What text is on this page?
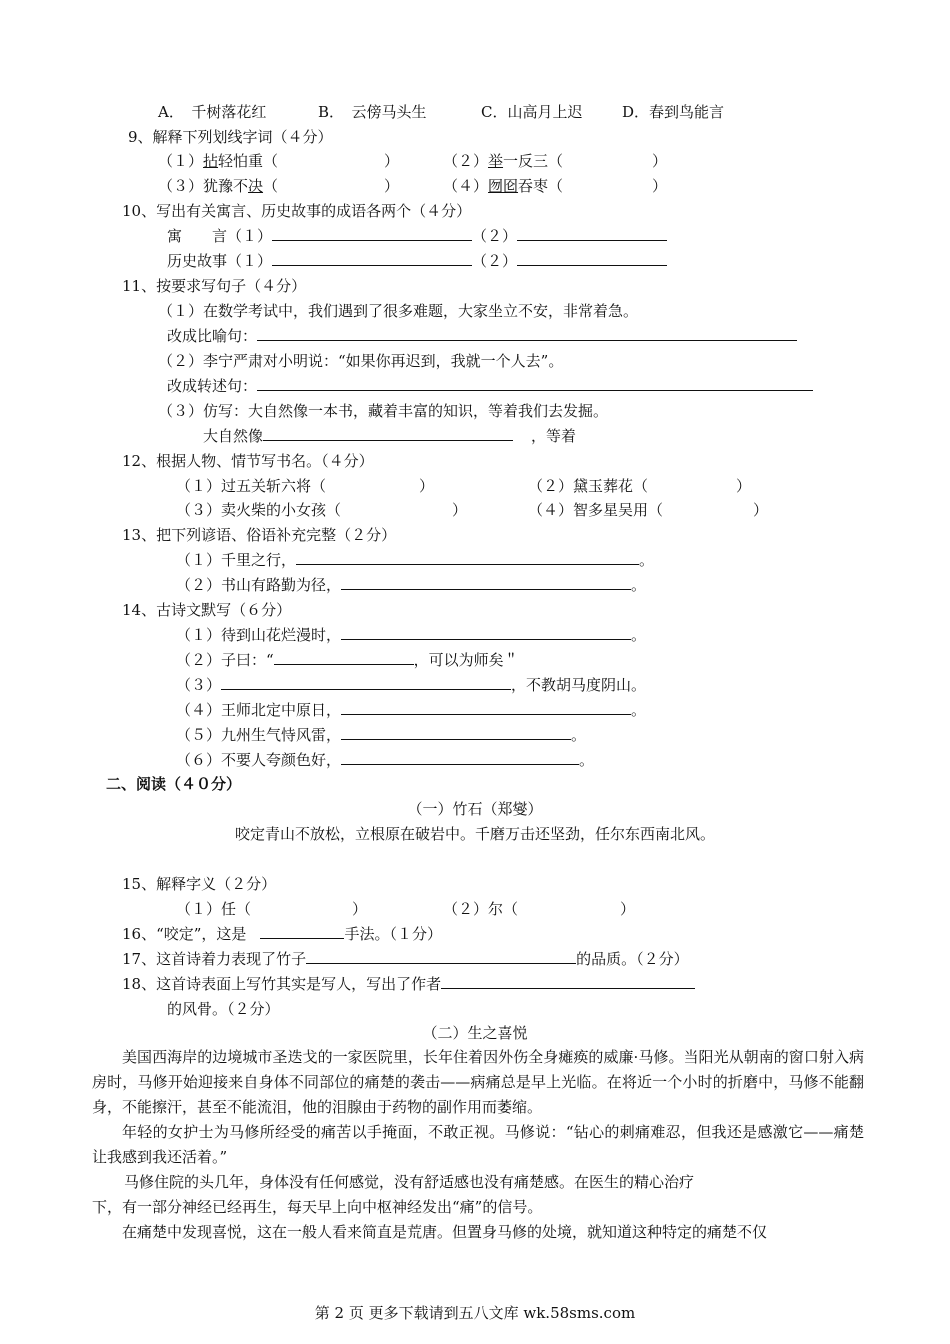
A．　千树落花红	B．　云傍马头生	C．山高月上迟	D．春到鸟能言
9、解释下列划线字词（４分）
（１）拈轻怕重（	）	（２）举一反三（	）
（３）犹豫不决（	）	（４）囫囵吞枣（	）
10、写出有关寓言、历史故事的成语各两个（４分）
寓　　言（１）	（２）
历史故事（１）	（２）
11、按要求写句子（４分）
（１）在数学考试中，我们遇到了很多难题，大家坐立不安，非常着急。
改成比喻句：
（２）李宁严肃对小明说：“如果你再迟到，我就一个人去”。
改成转述句：
（３）仿写：大自然像一本书，藏着丰富的知识，等着我们去发掘。
大自然像	，等着
12、根据人物、情节写书名。（４分）
（１）过五关斩六将（	）	（２）黛玉葬花（	）
（３）卖火柴的小女孩（	）	（４）智多星吴用（	）
13、把下列谚语、俗语补充完整（２分）
（１）千里之行，	。
（２）书山有路勤为径，	。
14、古诗文默写（６分）
（１）待到山花烂漫时，	。
（２）子曰：“	，可以为师矣＂
（３）	，不教胡马度阴山。
（４）王师北定中原日，	。
（５）九州生气恃风雷，	。
（６）不要人夸颜色好，	。
二、阅读（４０分）
（一）竹石（郑燮）
咬定青山不放松，立根原在破岩中。千磨万击还坚劲，任尔东西南北风。
15、解释字义（２分）
（１）任（	）	（２）尔（	）
16、“咬定”，这是	手法。（１分）
17、这首诗着力表现了竹子	的品质。（２分）
18、这首诗表面上写竹其实是写人，写出了作者
的风骨。（２分）
（二）生之喜悦
美国西海岸的边境城市圣迭戈的一家医院里，长年住着因外伤全身瘫痪的威廉·马修。当阳光从朝南的窗口射入病房时，马修开始迎接来自身体不同部位的痛楚的袭击——病痛总是早上光临。在将近一个小时的折磨中，马修不能翻身，不能擦汗，甚至不能流泪，他的泪腺由于药物的副作用而萎缩。
年轻的女护士为马修所经受的痛苦以手掩面，不敢正视。马修说：“钻心的刺痛难忍，但我还是感激它——痛楚让我感到我还活着。”
马修住院的头几年，身体没有任何感觉，没有舒适感也没有痛楚感。在医生的精心治疗
下，有一部分神经已经再生，每天早上向中枢神经发出“痛”的信号。
在痛楚中发现喜悦，这在一般人看来简直是荒唐。但置身马修的处境，就知道这种特定的痛楚不仅
第 2 页 更多下载请到五八文库 wk.58sms.com
